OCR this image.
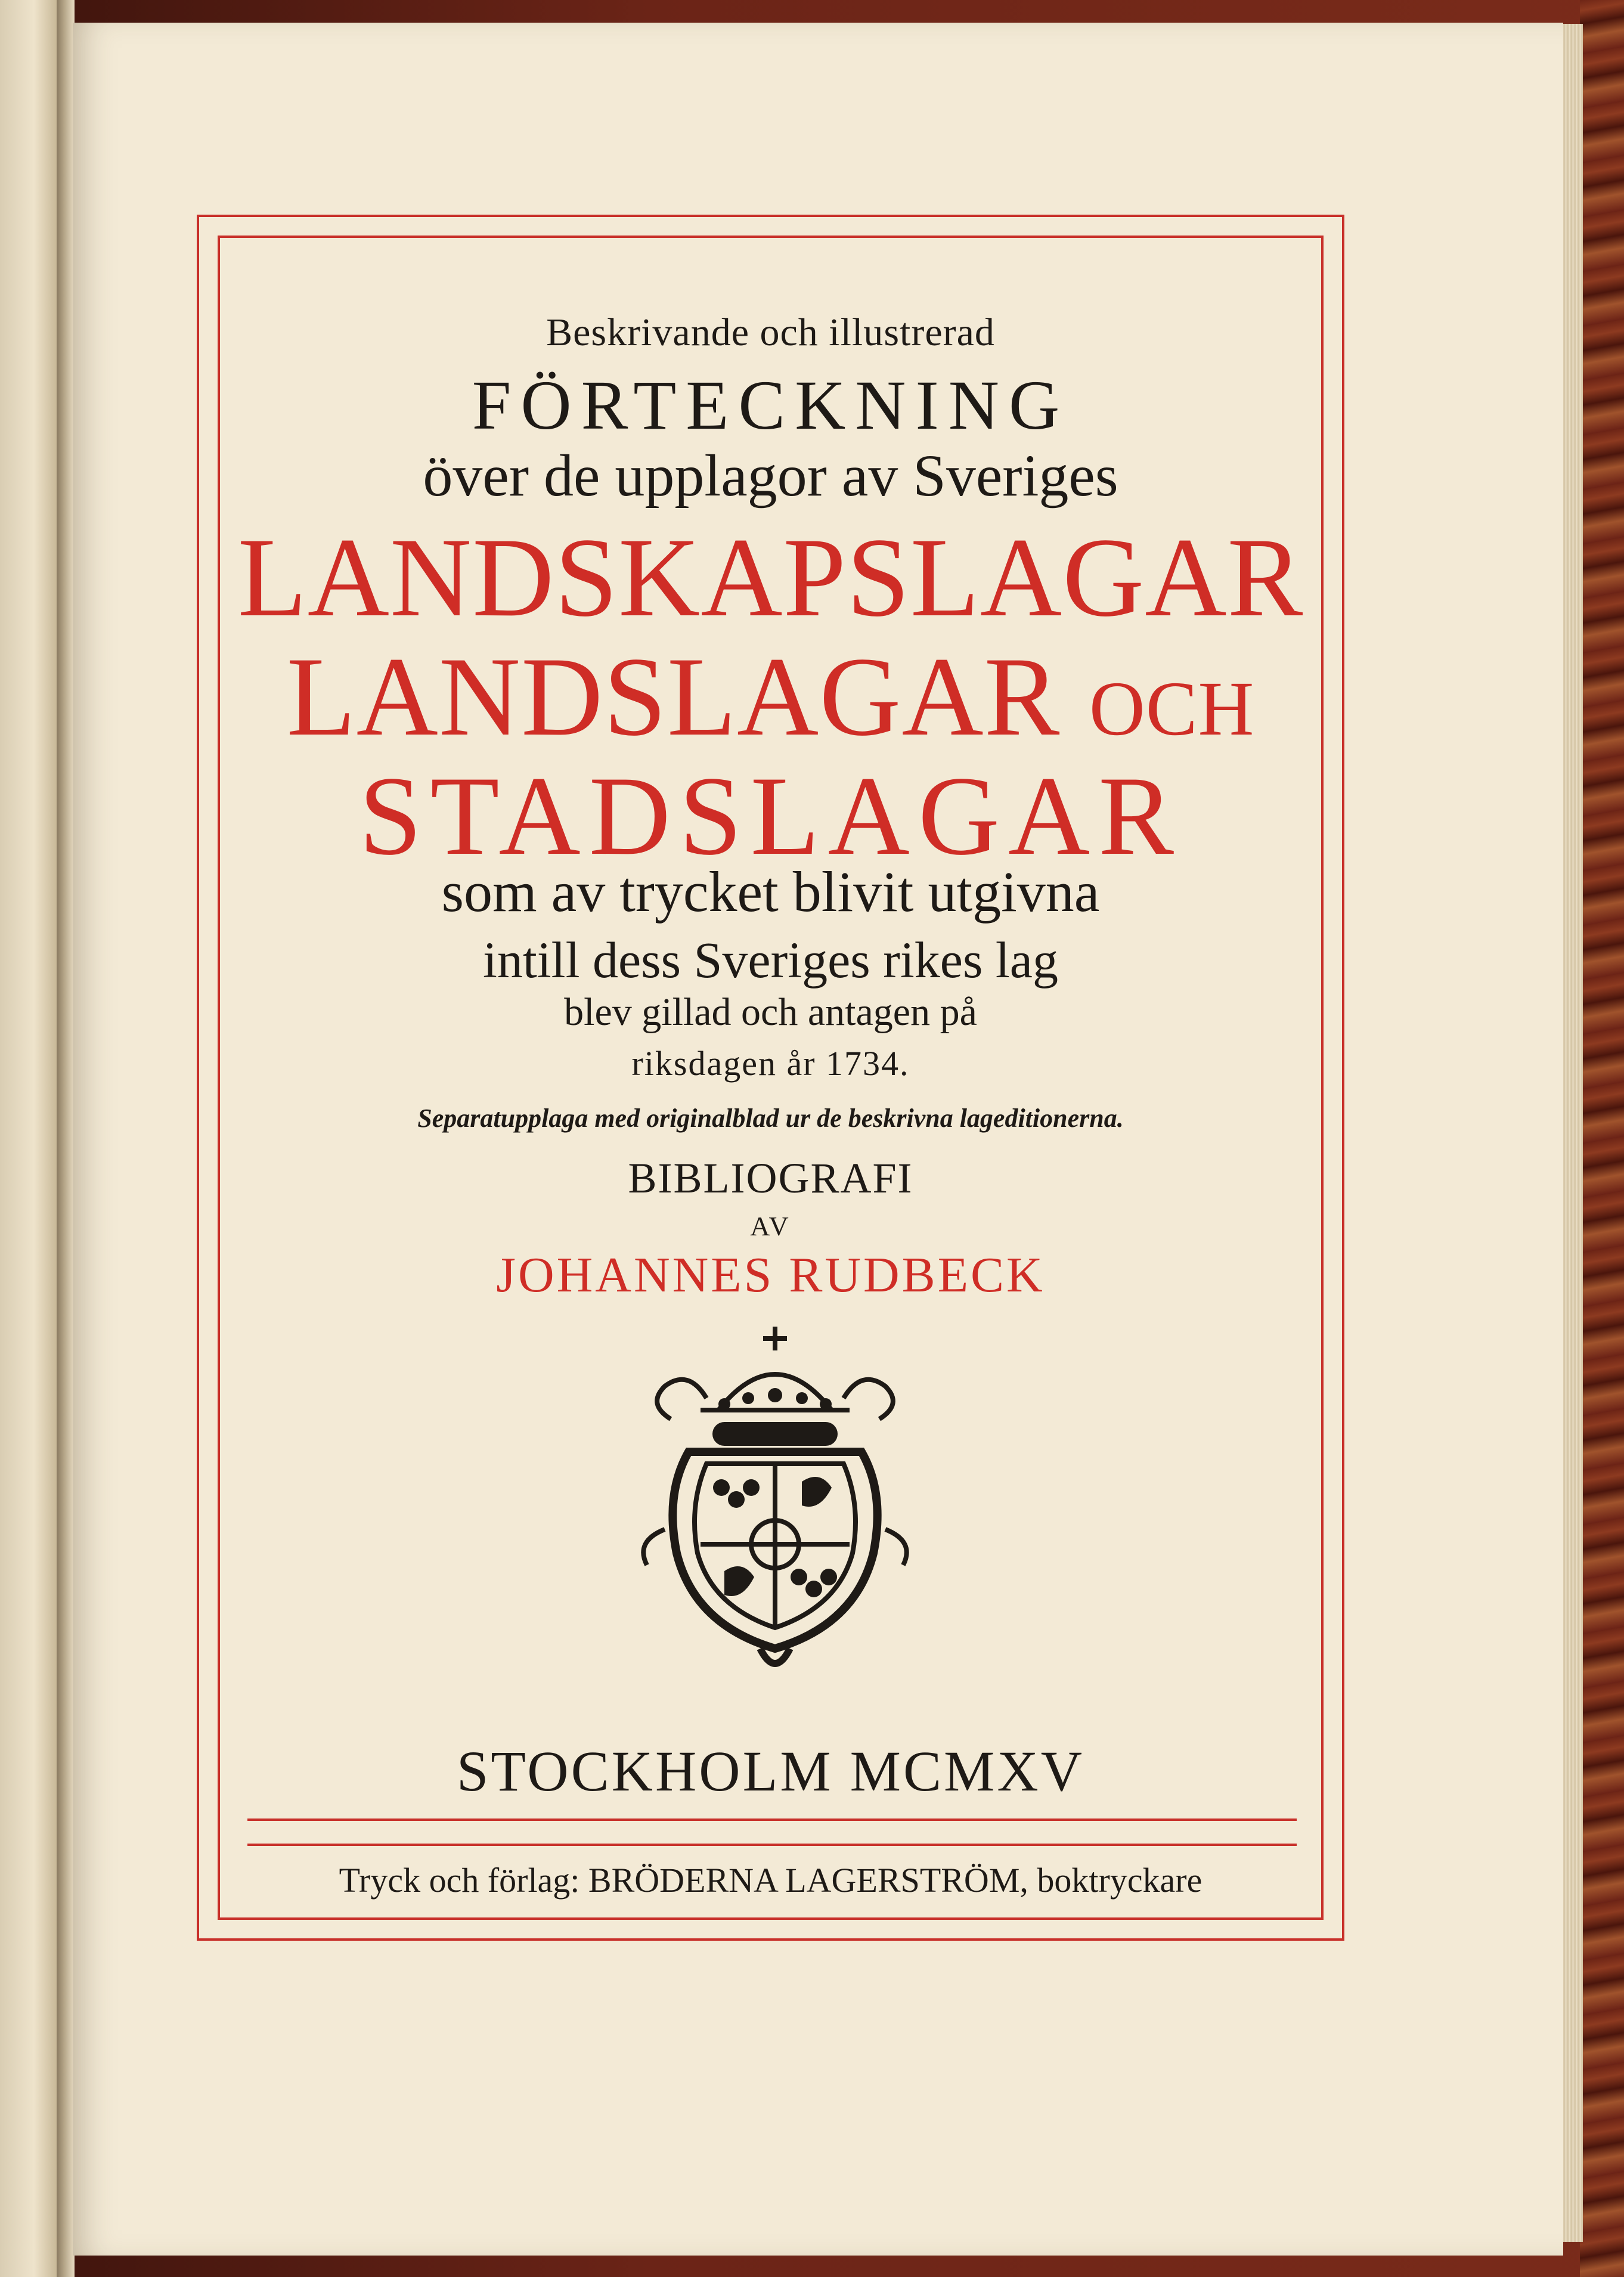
Beskrivande och illustrerad
FÖRTECKNING
över de upplagor av Sveriges
LANDSKAPSLAGAR
LANDSLAGAR OCH
STADSLAGAR
som av trycket blivit utgivna
intill dess Sveriges rikes lag
blev gillad och antagen på
riksdagen år 1734.
Separatupplaga med originalblad ur de beskrivna lageditionerna.
BIBLIOGRAFI
AV
JOHANNES RUDBECK
STOCKHOLM MCMXV
Tryck och förlag: BRÖDERNA LAGERSTRÖM, boktryckare
